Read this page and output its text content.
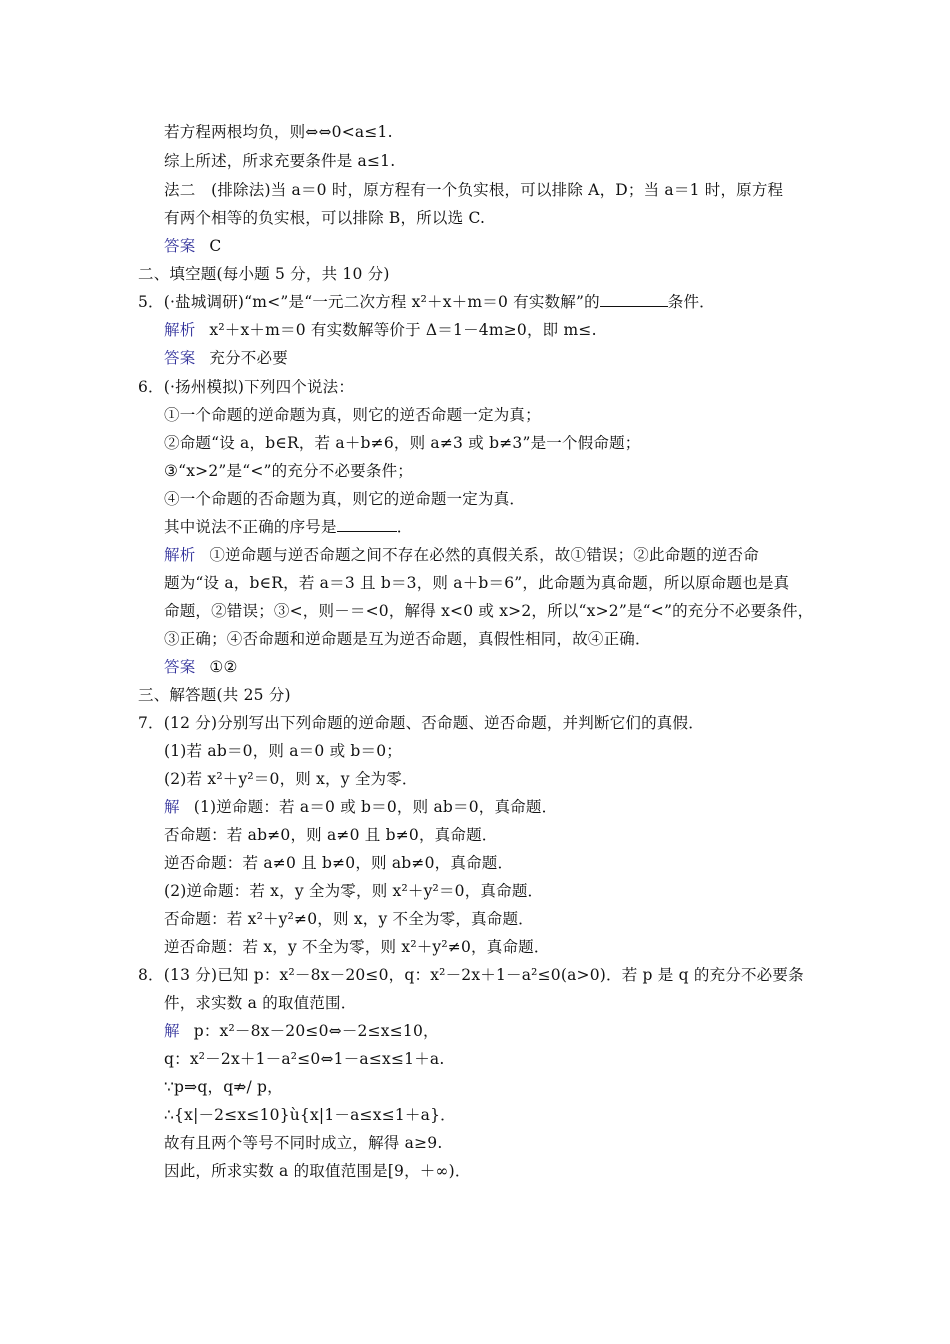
若方程两根均负，则⇔⇔0<a≤1.
综上所述，所求充要条件是 a≤1.
法二　(排除法)当 a＝0 时，原方程有一个负实根，可以排除 A，D；当 a＝1 时，原方程
有两个相等的负实根，可以排除 B，所以选 C.
答案 C
二、填空题(每小题 5 分，共 10 分)
5．(·盐城调研)“m<”是“一元二次方程 x²＋x＋m＝0 有实数解”的	条件．
解析 x²＋x＋m＝0 有实数解等价于 Δ＝1－4m≥0，即 m≤.
答案 充分不必要
6．(·扬州模拟)下列四个说法：
①一个命题的逆命题为真，则它的逆否命题一定为真；
②命题“设 a，b∈R，若 a＋b≠6，则 a≠3 或 b≠3”是一个假命题；
③“x>2”是“<”的充分不必要条件；
④一个命题的否命题为真，则它的逆命题一定为真．
其中说法不正确的序号是	．
解析 ①逆命题与逆否命题之间不存在必然的真假关系，故①错误；②此命题的逆否命
题为“设 a，b∈R，若 a＝3 且 b＝3，则 a＋b＝6”，此命题为真命题，所以原命题也是真
命题，②错误；③<，则－＝<0，解得 x<0 或 x>2，所以“x>2”是“<”的充分不必要条件，
③正确；④否命题和逆命题是互为逆否命题，真假性相同，故④正确．
答案 ①②
三、解答题(共 25 分)
7．(12 分)分别写出下列命题的逆命题、否命题、逆否命题，并判断它们的真假．
(1)若 ab＝0，则 a＝0 或 b＝0；
(2)若 x²＋y²＝0，则 x，y 全为零．
解 (1)逆命题：若 a＝0 或 b＝0，则 ab＝0，真命题．
否命题：若 ab≠0，则 a≠0 且 b≠0，真命题．
逆否命题：若 a≠0 且 b≠0，则 ab≠0，真命题．
(2)逆命题：若 x，y 全为零，则 x²＋y²＝0，真命题．
否命题：若 x²＋y²≠0，则 x，y 不全为零，真命题．
逆否命题：若 x，y 不全为零，则 x²＋y²≠0，真命题．
8．(13 分)已知 p：x²－8x－20≤0，q：x²－2x＋1－a²≤0(a>0)．若 p 是 q 的充分不必要条
件，求实数 a 的取值范围．
解 p：x²－8x－20≤0⇔－2≤x≤10，
q：x²－2x＋1－a²≤0⇔1－a≤x≤1＋a.
∵p⇒q，q⇏/ p，
∴{x|－2≤x≤10}ù{x|1－a≤x≤1＋a}．
故有且两个等号不同时成立，解得 a≥9.
因此，所求实数 a 的取值范围是[9，＋∞)．
